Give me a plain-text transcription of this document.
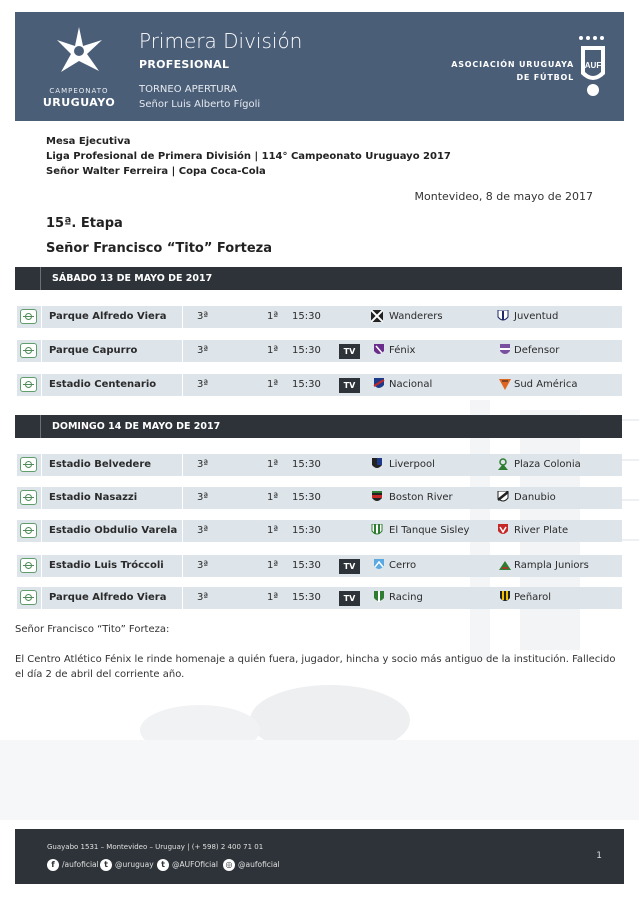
CAMPEONATO
URUGUAYO
Primera División
PROFESIONAL
TORNEO APERTURA
Señor Luis Alberto Fígoli
ASOCIACIÓN URUGUAYA
DE FÚTBOL
AUF
Mesa Ejecutiva
Liga Profesional de Primera División | 114° Campeonato Uruguayo 2017
Señor Walter Ferreira | Copa Coca-Cola
Montevideo, 8 de mayo de 2017
15ª. Etapa
Señor Francisco “Tito” Forteza
SÁBADO 13 DE MAYO DE 2017
Parque Alfredo Viera	3ª	1ª 15:30	Wanderers	Juventud
Parque Capurro	3ª	1ª 15:30	TV	Fénix	Defensor
Estadio Centenario	3ª	1ª 15:30	TV	Nacional	Sud América
DOMINGO 14 DE MAYO DE 2017
Estadio Belvedere	3ª	1ª 15:30	Liverpool	Plaza Colonia
Estadio Nasazzi	3ª	1ª 15:30	Boston River	Danubio
Estadio Obdulio Varela 3ª	1ª 15:30	El Tanque Sisley	River Plate
Estadio Luis Tróccoli	3ª	1ª 15:30	TV	Cerro	Rampla Juniors
Parque Alfredo Viera	3ª	1ª 15:30	TV	Racing	Peñarol
Señor Francisco “Tito” Forteza:
El Centro Atlético Fénix le rinde homenaje a quién fuera, jugador, hincha y socio más antiguo de la institución. Fallecido el día 2 de abril del corriente año.
Guayabo 1531 – Montevideo – Uruguay | (+ 598) 2 400 71 01
f /aufoficial t @uruguay t @AUFOficial ◎ @aufoficial
1
